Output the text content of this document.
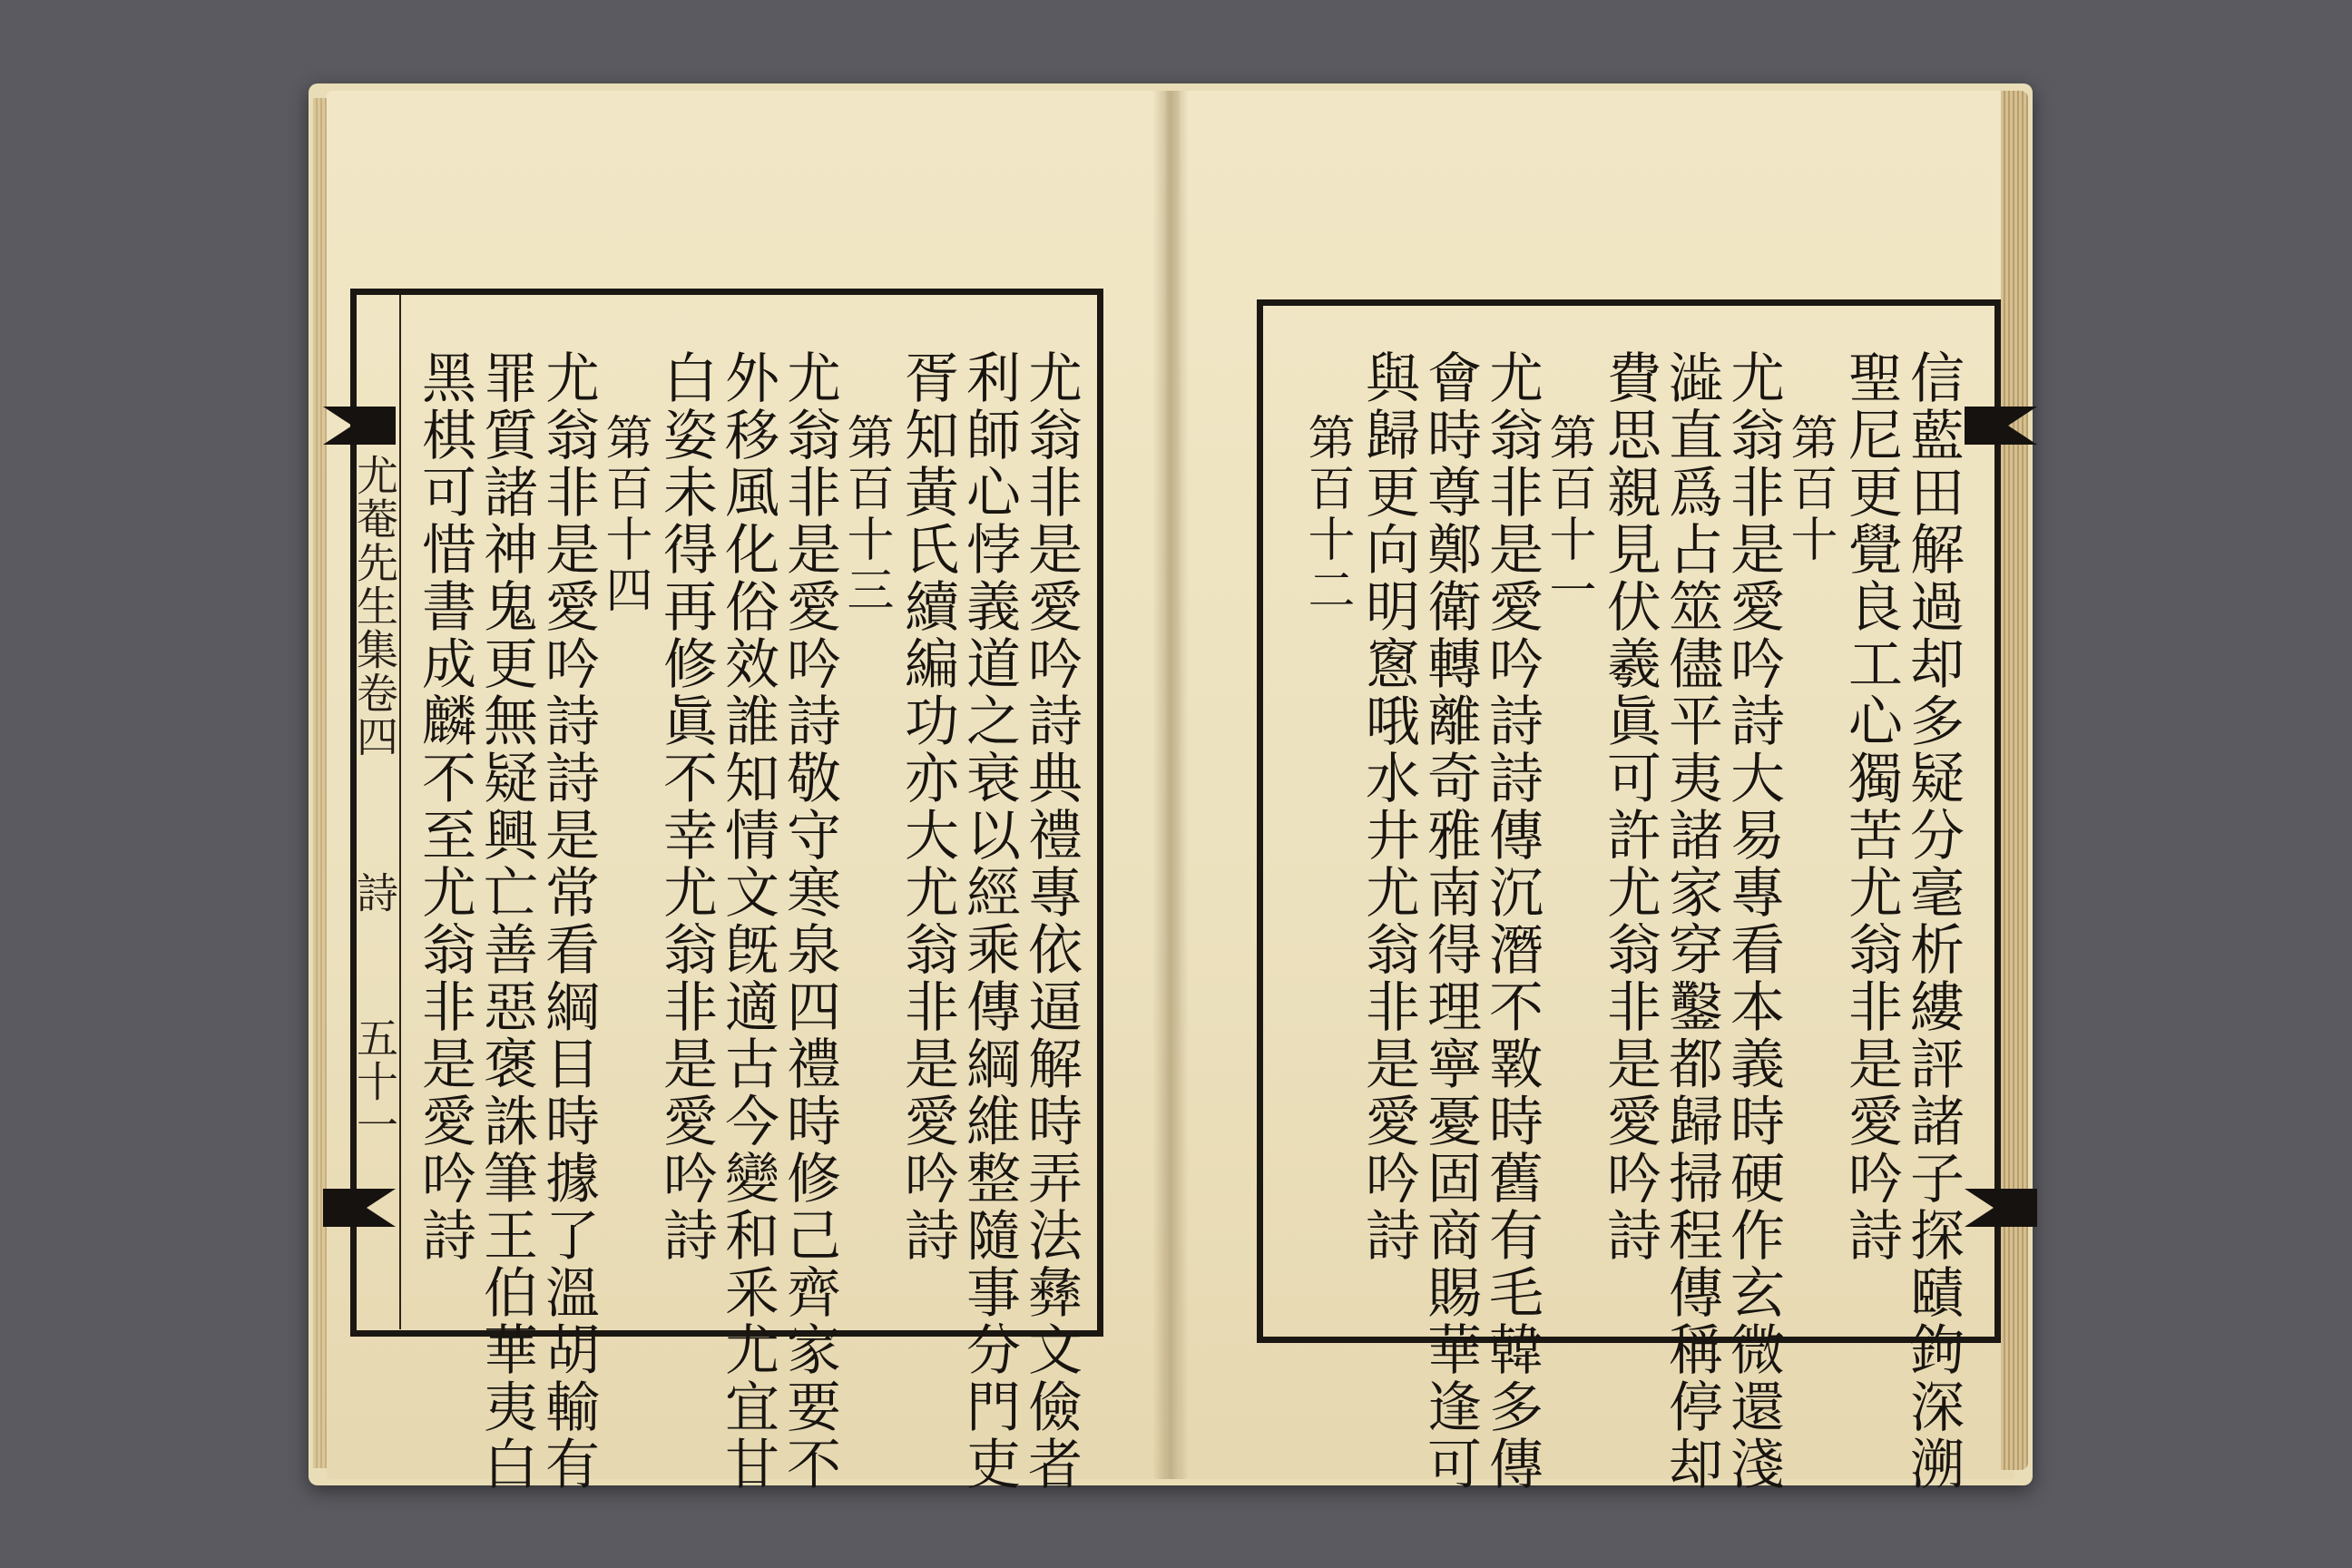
尤菴先生集卷四
詩
五十一	尤翁非是愛吟詩典禮專依逼解時弄法彝文儉者
利師心悖義道之衰以經乘傳綱維整隨事分門吏
胥知黃氏續編功亦大尤翁非是愛吟詩
第百十三
尤翁非是愛吟詩敬守寒泉四禮時修己齊家要不
外移風化俗效誰知情文旣適古今變和釆尤宜甘
白姿未得再修眞不幸尤翁非是愛吟詩
第百十四
尤翁非是愛吟詩詩是常看綱目時據了溫胡輸有
罪質諸神鬼更無疑興亡善惡褒誅筆王伯華夷白
黑棋可惜書成麟不至尤翁非是愛吟詩	信藍田解過却多疑分毫析縷評諸子探賾鉤深溯
聖尼更覺良工心獨苦尤翁非是愛吟詩
第百十
尤翁非是愛吟詩大易專看本義時硬作玄微還淺
澁直爲占筮儘平夷諸家穿鑿都歸掃程傳稱停却
費思親見伏羲眞可許尤翁非是愛吟詩
第百十一
尤翁非是愛吟詩詩傳沉潛不斁時舊有毛韓多傳
會時尊鄭衛轉離奇雅南得理寧憂固商賜華逢可
與歸更向明窻哦水井尤翁非是愛吟詩
第百十二
